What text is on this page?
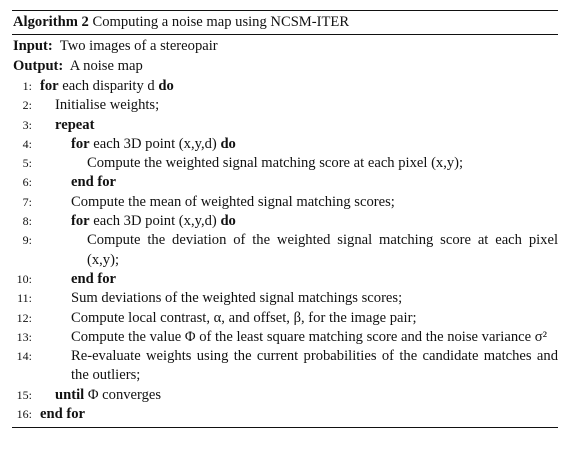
Algorithm 2 Computing a noise map using NCSM-ITER
Input: Two images of a stereopair
Output: A noise map
1: for each disparity d do
2: Initialise weights;
3: repeat
4:	for each 3D point (x,y,d) do
5:	Compute the weighted signal matching score at each pixel (x,y);
6:	end for
7:	Compute the mean of weighted signal matching scores;
8:	for each 3D point (x,y,d) do
9:	Compute the deviation of the weighted signal matching score at each pixel (x,y);
10:	end for
11:	Sum deviations of the weighted signal matchings scores;
12:	Compute local contrast, α, and offset, β, for the image pair;
13:	Compute the value Φ of the least square matching score and the noise variance σ²
14:	Re-evaluate weights using the current probabilities of the candidate matches and the outliers;
15: until Φ converges
16: end for
